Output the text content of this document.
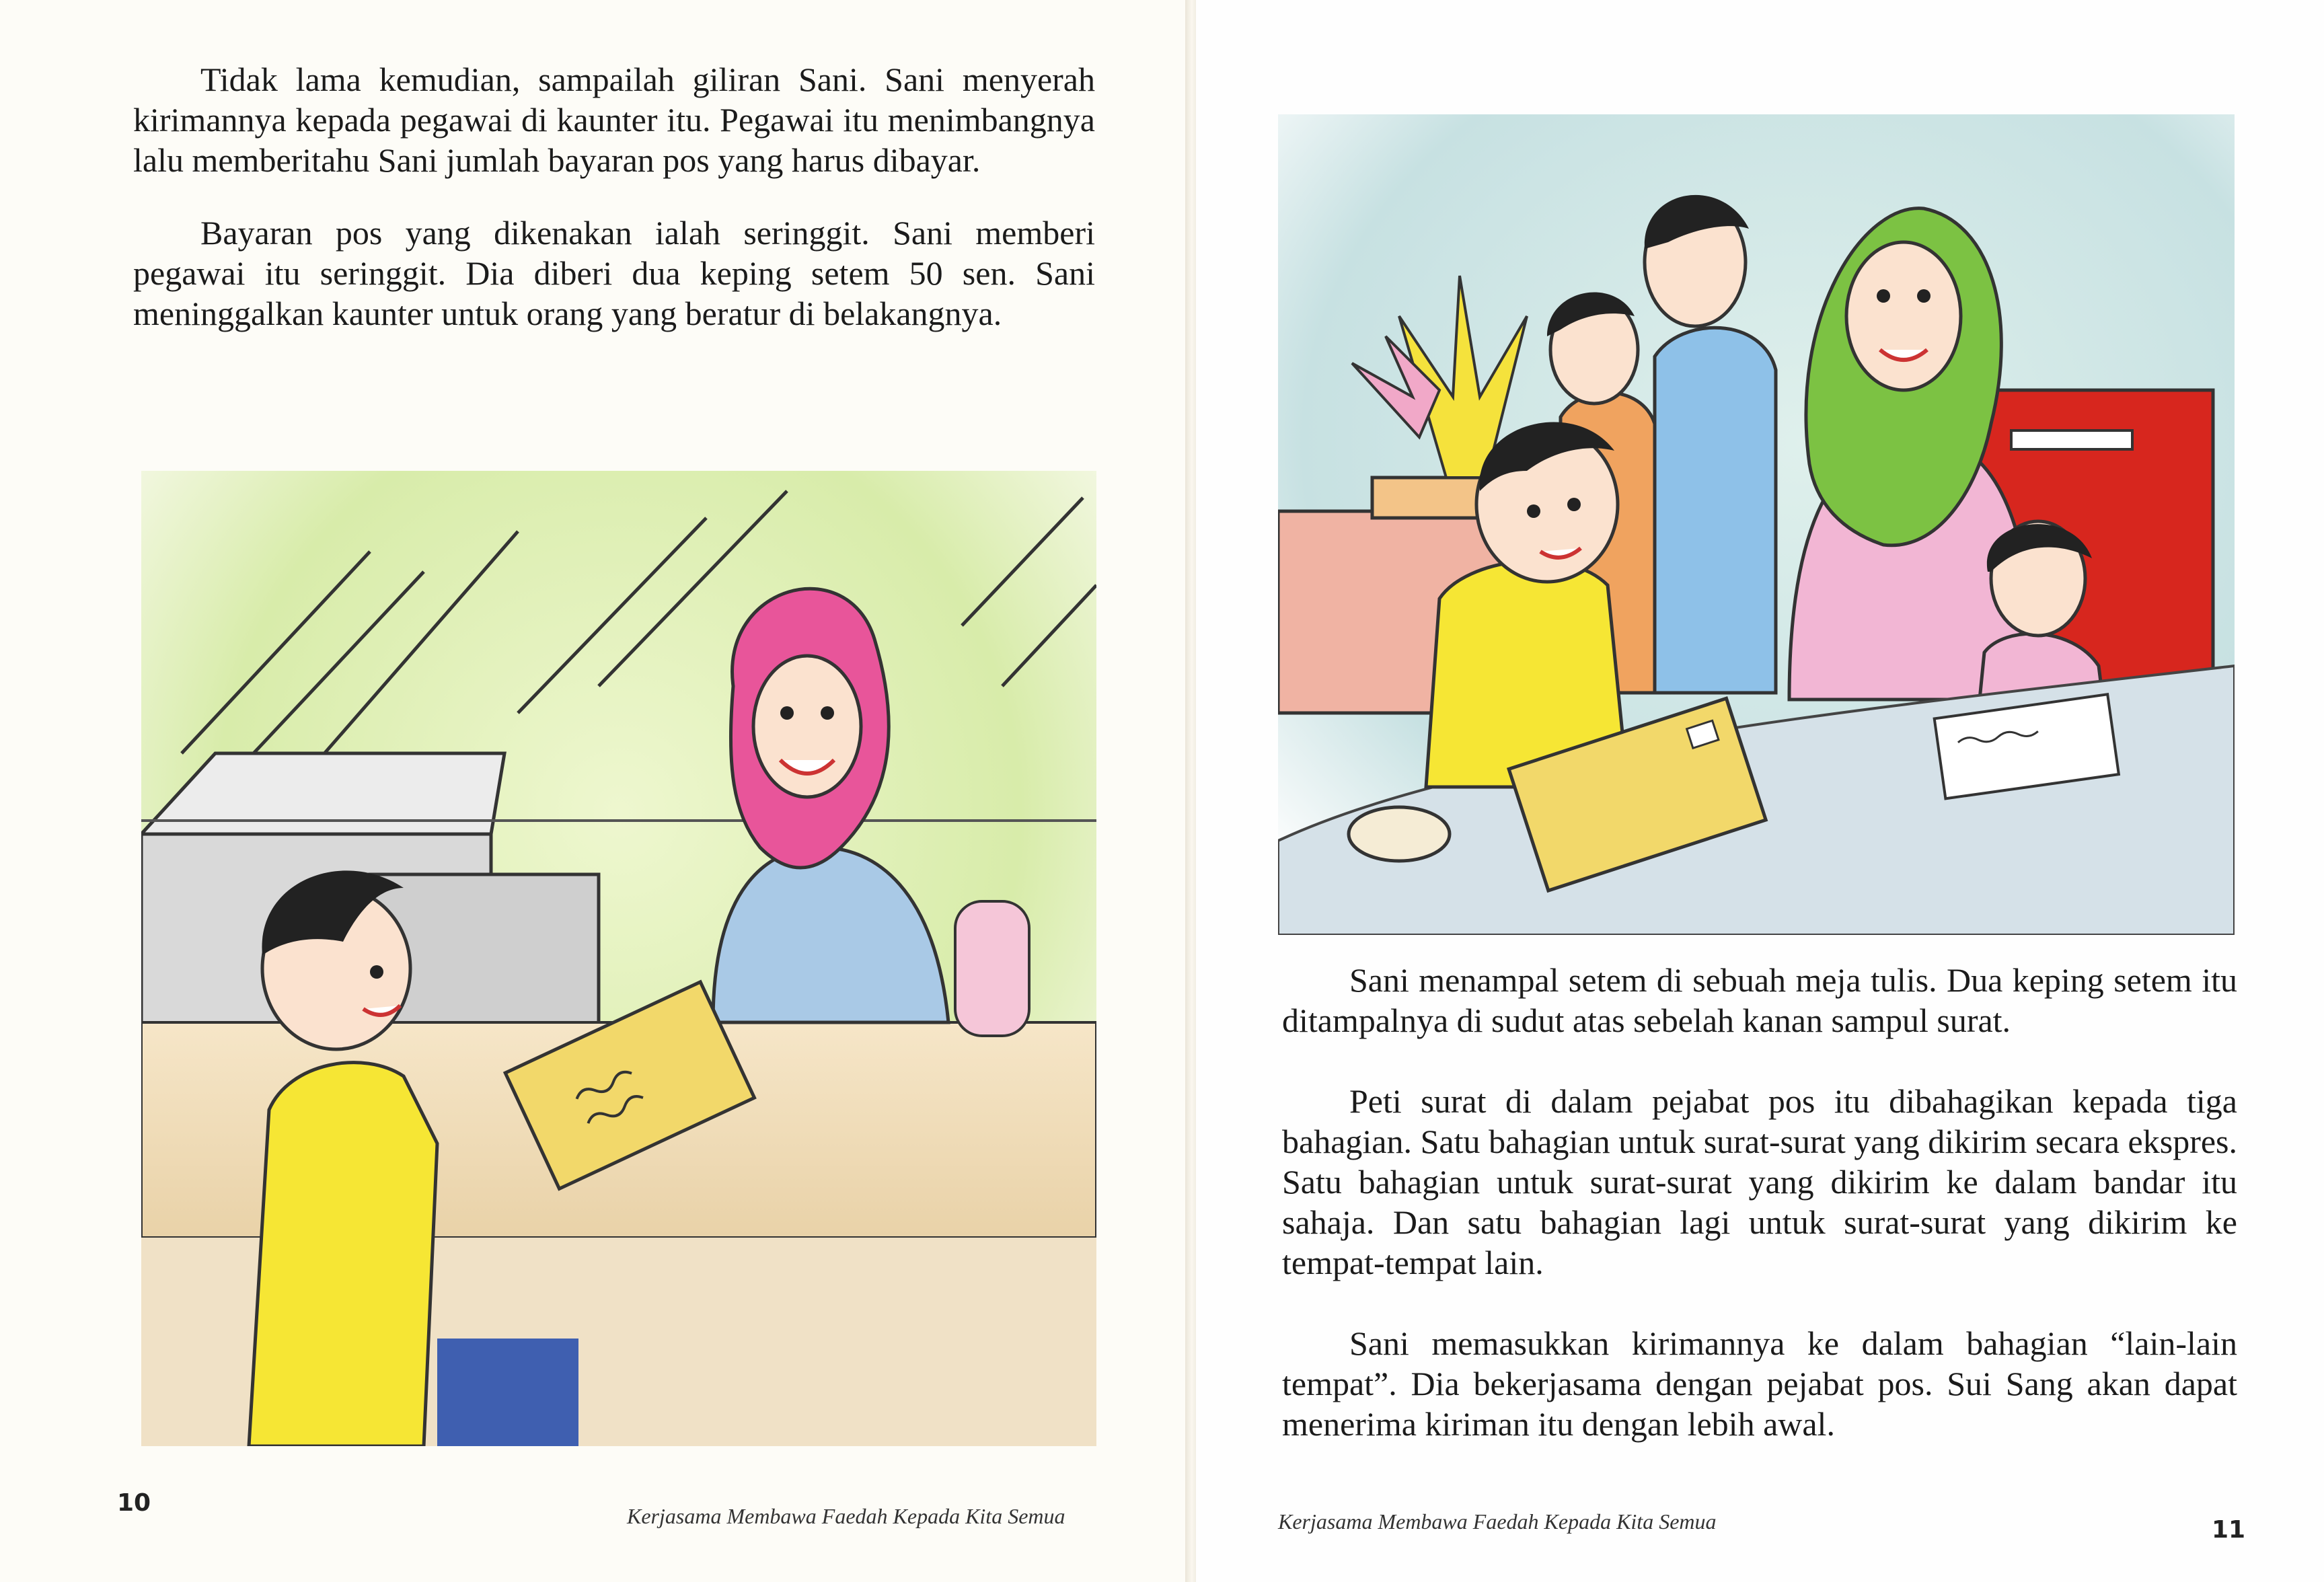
Tidak lama kemudian, sampailah giliran Sani. Sani menyerah kirimannya kepada pegawai di kaunter itu. Pegawai itu menimbangnya lalu memberitahu Sani jumlah bayaran pos yang harus dibayar.

Bayaran pos yang dikenakan ialah seringgit. Sani memberi pegawai itu seringgit. Dia diberi dua keping setem 50 sen. Sani meninggalkan kaunter untuk orang yang beratur di belakangnya.

10	Kerjasama Membawa Faedah Kepada Kita Semua

Sani menampal setem di sebuah meja tulis. Dua keping setem itu ditampalnya di sudut atas sebelah kanan sampul surat.

Peti surat di dalam pejabat pos itu dibahagikan kepada tiga bahagian. Satu bahagian untuk surat-surat yang dikirim secara ekspres. Satu bahagian untuk surat-surat yang dikirim ke dalam bandar itu sahaja. Dan satu bahagian lagi untuk surat-surat yang dikirim ke tempat-tempat lain.

Sani memasukkan kirimannya ke dalam bahagian “lain-lain tempat”. Dia bekerjasama dengan pejabat pos. Sui Sang akan dapat menerima kiriman itu dengan lebih awal.

Kerjasama Membawa Faedah Kepada Kita Semua	11
